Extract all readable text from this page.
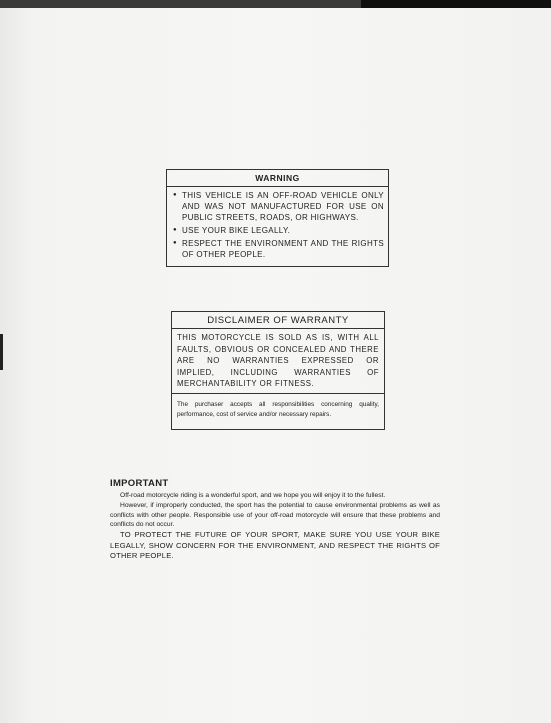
WARNING
● THIS VEHICLE IS AN OFF-ROAD VEHICLE ONLY AND WAS NOT MANUFACTURED FOR USE ON PUBLIC STREETS, ROADS, OR HIGHWAYS.
● USE YOUR BIKE LEGALLY.
● RESPECT THE ENVIRONMENT AND THE RIGHTS OF OTHER PEOPLE.
DISCLAIMER OF WARRANTY
THIS MOTORCYCLE IS SOLD AS IS, WITH ALL FAULTS, OBVIOUS OR CONCEALED AND THERE ARE NO WARRANTIES EXPRESSED OR IMPLIED, INCLUDING WARRANTIES OF MERCHANTABILITY OR FITNESS.
The purchaser accepts all responsibilities concerning quality, performance, cost of service and/or necessary repairs.
IMPORTANT

Off-road motorcycle riding is a wonderful sport, and we hope you will enjoy it to the fullest.

However, if improperly conducted, the sport has the potential to cause environmental problems as well as conflicts with other people. Responsible use of your off-road motorcycle will ensure that these problems and conflicts do not occur.

TO PROTECT THE FUTURE OF YOUR SPORT, MAKE SURE YOU USE YOUR BIKE LEGALLY, SHOW CONCERN FOR THE ENVIRONMENT, AND RESPECT THE RIGHTS OF OTHER PEOPLE.
